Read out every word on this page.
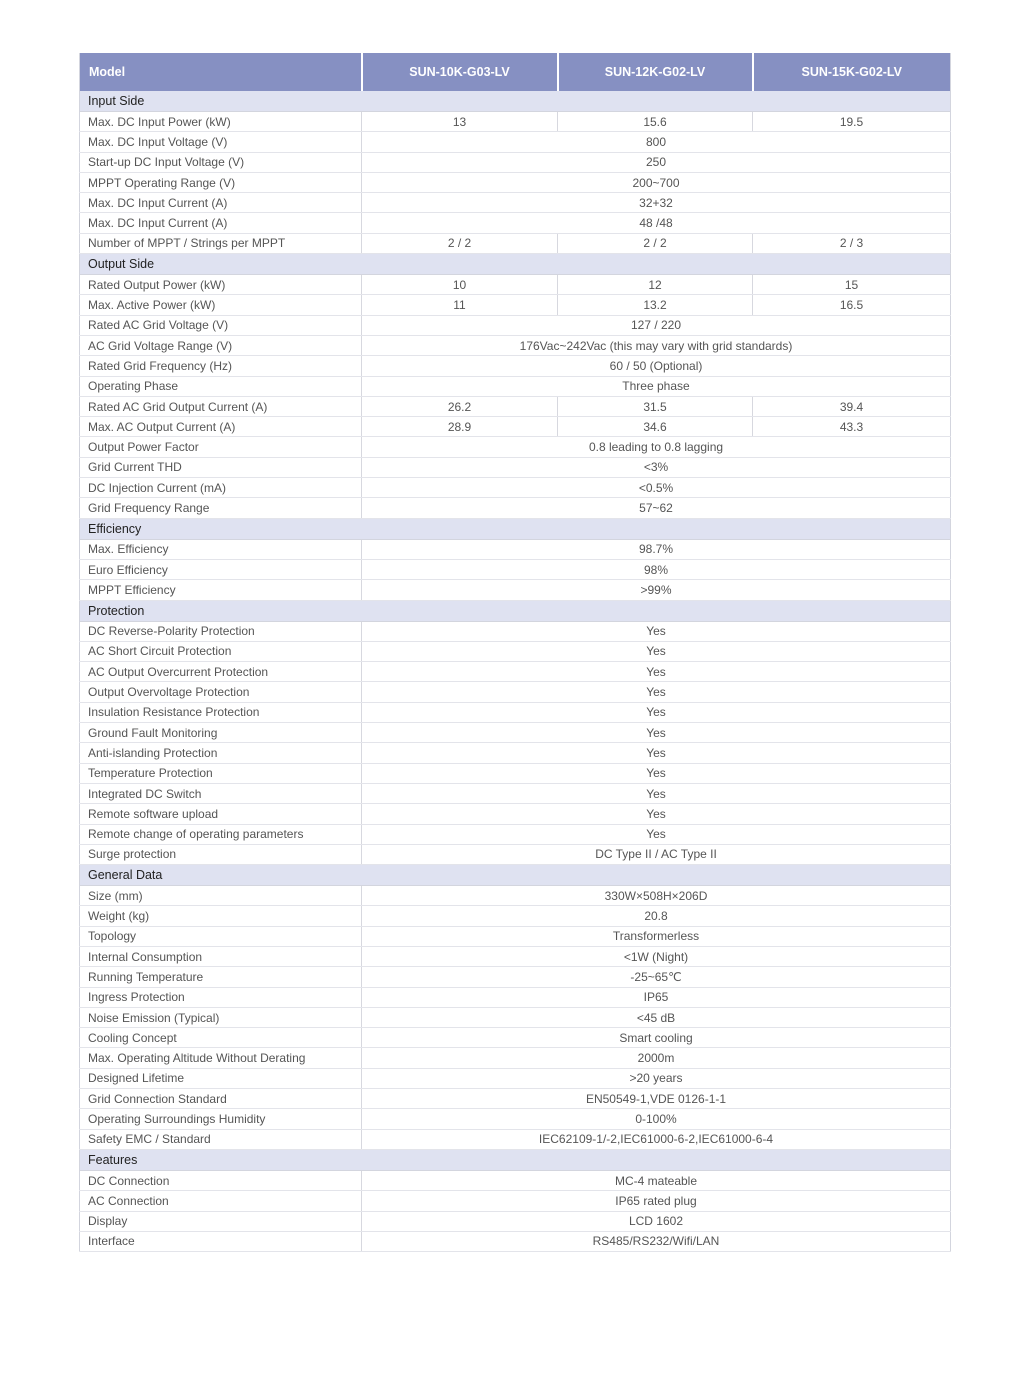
Model	SUN-10K-G03-LV	SUN-12K-G02-LV	SUN-15K-G02-LV
Input Side			
Max. DC Input Power (kW)	13	15.6	19.5
Max. DC Input Voltage (V)	800		
Start-up DC Input Voltage (V)	250		
MPPT Operating Range (V)	200~700		
Max. DC Input Current (A)	32+32		
Max. DC Input Current (A)	48 /48		
Number of MPPT / Strings per MPPT	2 / 2	2 / 2	2 / 3
Output Side			
Rated Output Power (kW)	10	12	15
Max. Active Power (kW)	11	13.2	16.5
Rated AC Grid Voltage (V)	127 / 220		
AC Grid Voltage Range (V)	176Vac~242Vac (this may vary with grid standards)		
Rated Grid Frequency (Hz)	60 / 50 (Optional)		
Operating Phase	Three phase		
Rated AC Grid Output Current (A)	26.2	31.5	39.4
Max. AC Output Current (A)	28.9	34.6	43.3
Output Power Factor	0.8 leading to 0.8 lagging		
Grid Current THD	<3%		
DC Injection Current (mA)	<0.5%		
Grid Frequency Range	57~62		
Efficiency			
Max. Efficiency	98.7%		
Euro Efficiency	98%		
MPPT Efficiency	>99%		
Protection			
DC Reverse-Polarity Protection	Yes		
AC Short Circuit Protection	Yes		
AC Output Overcurrent Protection	Yes		
Output Overvoltage Protection	Yes		
Insulation Resistance Protection	Yes		
Ground Fault Monitoring	Yes		
Anti-islanding Protection	Yes		
Temperature Protection	Yes		
Integrated DC Switch	Yes		
Remote software upload	Yes		
Remote change of operating parameters	Yes		
Surge protection	DC Type II / AC Type II		
General Data			
Size (mm)	330W×508H×206D		
Weight (kg)	20.8		
Topology	Transformerless		
Internal Consumption	<1W (Night)		
Running Temperature	-25~65℃		
Ingress Protection	IP65		
Noise Emission (Typical)	<45 dB		
Cooling Concept	Smart cooling		
Max. Operating Altitude Without Derating	2000m		
Designed Lifetime	>20 years		
Grid Connection Standard	EN50549-1,VDE 0126-1-1		
Operating Surroundings Humidity	0-100%		
Safety EMC / Standard	IEC62109-1/-2,IEC61000-6-2,IEC61000-6-4		
Features			
DC Connection	MC-4 mateable		
AC Connection	IP65 rated plug		
Display	LCD 1602		
Interface	RS485/RS232/Wifi/LAN		
